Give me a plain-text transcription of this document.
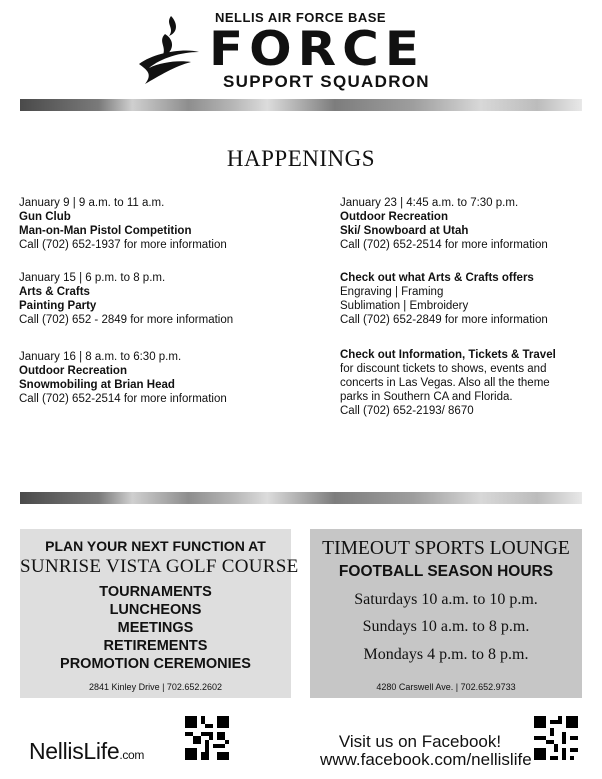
NELLIS AIR FORCE BASE
FORCE
SUPPORT SQUADRON
HAPPENINGS
January 9 | 9 a.m. to 11 a.m.
Gun Club
Man-on-Man Pistol Competition
Call (702) 652-1937 for more information
January 15 | 6 p.m. to 8 p.m.
Arts & Crafts
Painting Party
Call (702) 652 - 2849 for more information
January 16 | 8 a.m. to 6:30 p.m.
Outdoor Recreation
Snowmobiling at Brian Head
Call (702) 652-2514 for more information
January 23 | 4:45 a.m. to 7:30 p.m.
Outdoor Recreation
Ski/ Snowboard at Utah
Call (702) 652-2514 for more information
Check out what Arts & Crafts offers
Engraving | Framing
Sublimation | Embroidery
Call (702) 652-2849 for more information
Check out Information, Tickets & Travel
for discount tickets to shows, events and
concerts in Las Vegas. Also all the theme
parks in Southern CA and Florida.
Call (702) 652-2193/ 8670
PLAN YOUR NEXT FUNCTION AT
SUNRISE VISTA GOLF COURSE
TOURNAMENTS
LUNCHEONS
MEETINGS
RETIREMENTS
PROMOTION CEREMONIES
2841 Kinley Drive | 702.652.2602
TIMEOUT SPORTS LOUNGE
FOOTBALL SEASON HOURS
Saturdays 10 a.m. to 10 p.m.
Sundays 10 a.m. to 8 p.m.
Mondays 4 p.m. to 8 p.m.
4280 Carswell Ave. | 702.652.9733
NellisLife.com
Visit us on Facebook!
www.facebook.com/nellislife
